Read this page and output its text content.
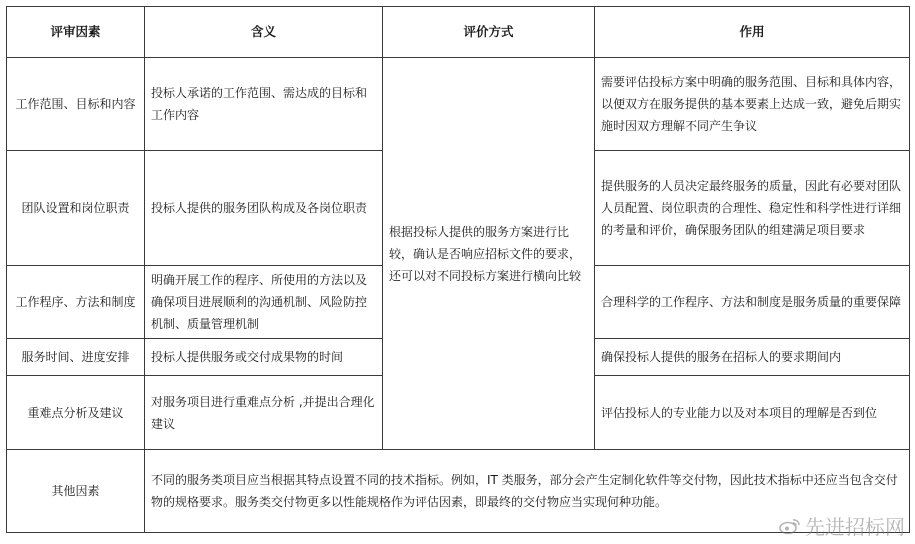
评审因素	含义	评价方式	作用
工作范围、目标和内容	投标人承诺的工作范围、需达成的目标和工作内容	根据投标人提供的服务方案进行比较，确认是否响应招标文件的要求，还可以对不同投标方案进行横向比较	需要评估投标方案中明确的服务范围、目标和具体内容，以便双方在服务提供的基本要素上达成一致，避免后期实施时因双方理解不同产生争议
团队设置和岗位职责	投标人提供的服务团队构成及各岗位职责		提供服务的人员决定最终服务的质量，因此有必要对团队人员配置、岗位职责的合理性、稳定性和科学性进行详细的考量和评价，确保服务团队的组建满足项目要求
工作程序、方法和制度	明确开展工作的程序、所使用的方法以及确保项目进展顺利的沟通机制、风险防控机制、质量管理机制		合理科学的工作程序、方法和制度是服务质量的重要保障
服务时间、进度安排	投标人提供服务或交付成果物的时间		确保投标人提供的服务在招标人的要求期间内
重难点分析及建议	对服务项目进行重难点分析 ,并提出合理化建议		评估投标人的专业能力以及对本项目的理解是否到位
其他因素	不同的服务类项目应当根据其特点设置不同的技术指标。例如，IT 类服务，部分会产生定制化软件等交付物，因此技术指标中还应当包含交付物的规格要求。服务类交付物更多以性能规格作为评估因素，即最终的交付物应当实现何种功能。		
先进招标网
